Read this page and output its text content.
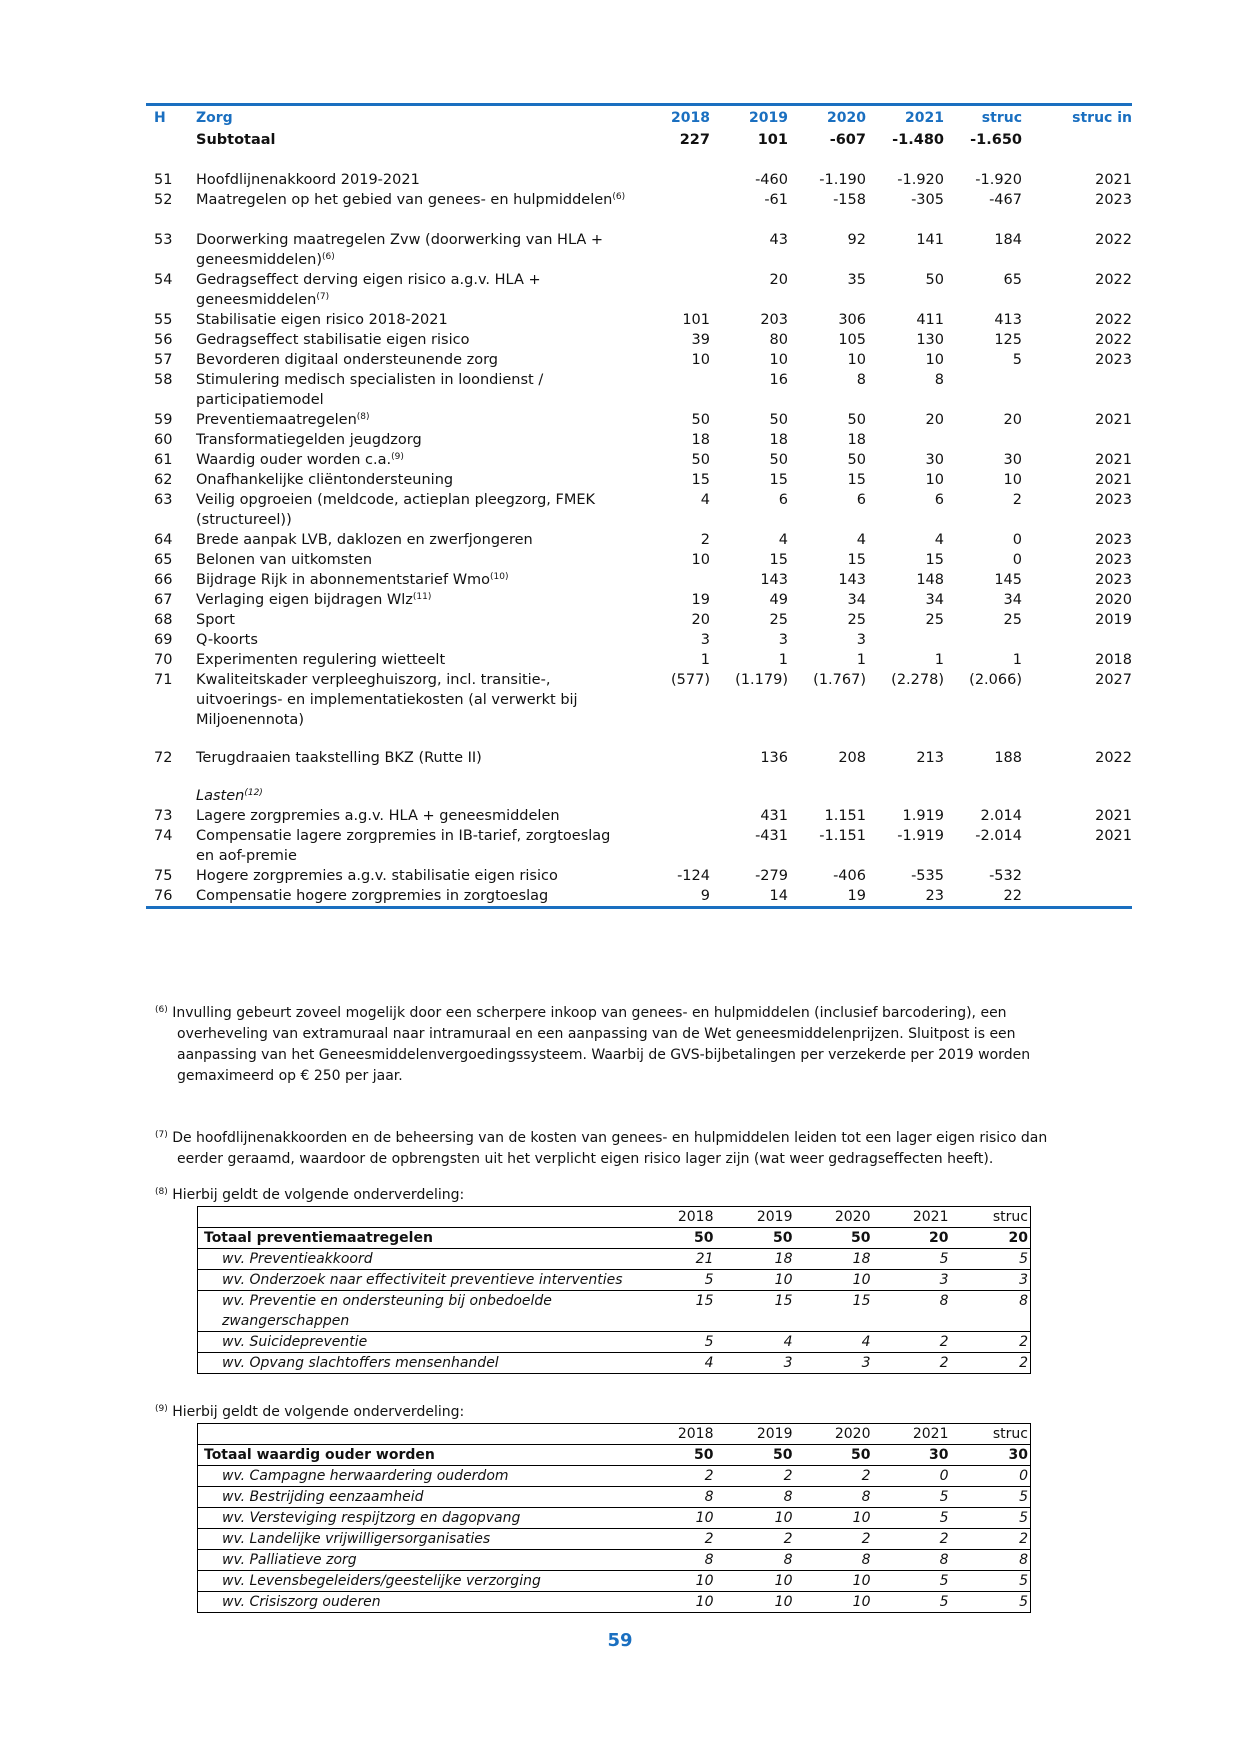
H	Zorg	2018	2019	2020	2021	struc	struc in
	Subtotaal	227	101	-607	-1.480	-1.650	

51	Hoofdlijnenakkoord 2019-2021		-460	-1.190	-1.920	-1.920	2021
52	Maatregelen op het gebied van genees- en hulpmiddelen$^{(6)}$		-61	-158	-305	-467	2023

53	Doorwerking maatregelen Zvw (doorwerking van HLA + geneesmiddelen)$^{(6)}$		43	92	141	184	2022
54	Gedragseffect derving eigen risico a.g.v. HLA + geneesmiddelen$^{(7)}$		20	35	50	65	2022
55	Stabilisatie eigen risico 2018-2021	101	203	306	411	413	2022
56	Gedragseffect stabilisatie eigen risico	39	80	105	130	125	2022
57	Bevorderen digitaal ondersteunende zorg	10	10	10	10	5	2023
58	Stimulering medisch specialisten in loondienst / participatiemodel		16	8	8		
59	Preventiemaatregelen$^{(8)}$	50	50	50	20	20	2021
60	Transformatiegelden jeugdzorg	18	18	18			
61	Waardig ouder worden c.a.$^{(9)}$	50	50	50	30	30	2021
62	Onafhankelijke cliëntondersteuning	15	15	15	10	10	2021
63	Veilig opgroeien (meldcode, actieplan pleegzorg, FMEK (structureel))	4	6	6	6	2	2023
64	Brede aanpak LVB, daklozen en zwerfjongeren	2	4	4	4	0	2023
65	Belonen van uitkomsten	10	15	15	15	0	2023
66	Bijdrage Rijk in abonnementstarief Wmo$^{(10)}$		143	143	148	145	2023
67	Verlaging eigen bijdragen Wlz$^{(11)}$	19	49	34	34	34	2020
68	Sport	20	25	25	25	25	2019
69	Q-koorts	3	3	3			
70	Experimenten regulering wietteelt	1	1	1	1	1	2018
71	Kwaliteitskader verpleeghuiszorg, incl. transitie-, uitvoerings- en implementatiekosten (al verwerkt bij Miljoenennota)	(577)	(1.179)	(1.767)	(2.278)	(2.066)	2027

72	Terugdraaien taakstelling BKZ (Rutte II)		136	208	213	188	2022

	Lasten$^{(12)}$
73	Lagere zorgpremies a.g.v. HLA + geneesmiddelen		431	1.151	1.919	2.014	2021
74	Compensatie lagere zorgpremies in IB-tarief, zorgtoeslag en aof-premie		-431	-1.151	-1.919	-2.014	2021
75	Hogere zorgpremies a.g.v. stabilisatie eigen risico	-124	-279	-406	-535	-532	
76	Compensatie hogere zorgpremies in zorgtoeslag	9	14	19	23	22	
$^{(6)}$ Invulling gebeurt zoveel mogelijk door een scherpere inkoop van genees- en hulpmiddelen (inclusief barcodering), een overheveling van extramuraal naar intramuraal en een aanpassing van de Wet geneesmiddelenprijzen. Sluitpost is een aanpassing van het Geneesmiddelenvergoedingssysteem. Waarbij de GVS-bijbetalingen per verzekerde per 2019 worden gemaximeerd op € 250 per jaar.
$^{(7)}$ De hoofdlijnenakkoorden en de beheersing van de kosten van genees- en hulpmiddelen leiden tot een lager eigen risico dan eerder geraamd, waardoor de opbrengsten uit het verplicht eigen risico lager zijn (wat weer gedragseffecten heeft).
$^{(8)}$ Hierbij geldt de volgende onderverdeling:
	2018	2019	2020	2021	struc
Totaal preventiemaatregelen	50	50	50	20	20
wv. Preventieakkoord	21	18	18	5	5
wv. Onderzoek naar effectiviteit preventieve interventies	5	10	10	3	3
wv. Preventie en ondersteuning bij onbedoelde zwangerschappen	15	15	15	8	8
wv. Suicidepreventie	5	4	4	2	2
wv. Opvang slachtoffers mensenhandel	4	3	3	2	2
$^{(9)}$ Hierbij geldt de volgende onderverdeling:
	2018	2019	2020	2021	struc
Totaal waardig ouder worden	50	50	50	30	30
wv. Campagne herwaardering ouderdom	2	2	2	0	0
wv. Bestrijding eenzaamheid	8	8	8	5	5
wv. Versteviging respijtzorg en dagopvang	10	10	10	5	5
wv. Landelijke vrijwilligersorganisaties	2	2	2	2	2
wv. Palliatieve zorg	8	8	8	8	8
wv. Levensbegeleiders/geestelijke verzorging	10	10	10	5	5
wv. Crisiszorg ouderen	10	10	10	5	5
59
